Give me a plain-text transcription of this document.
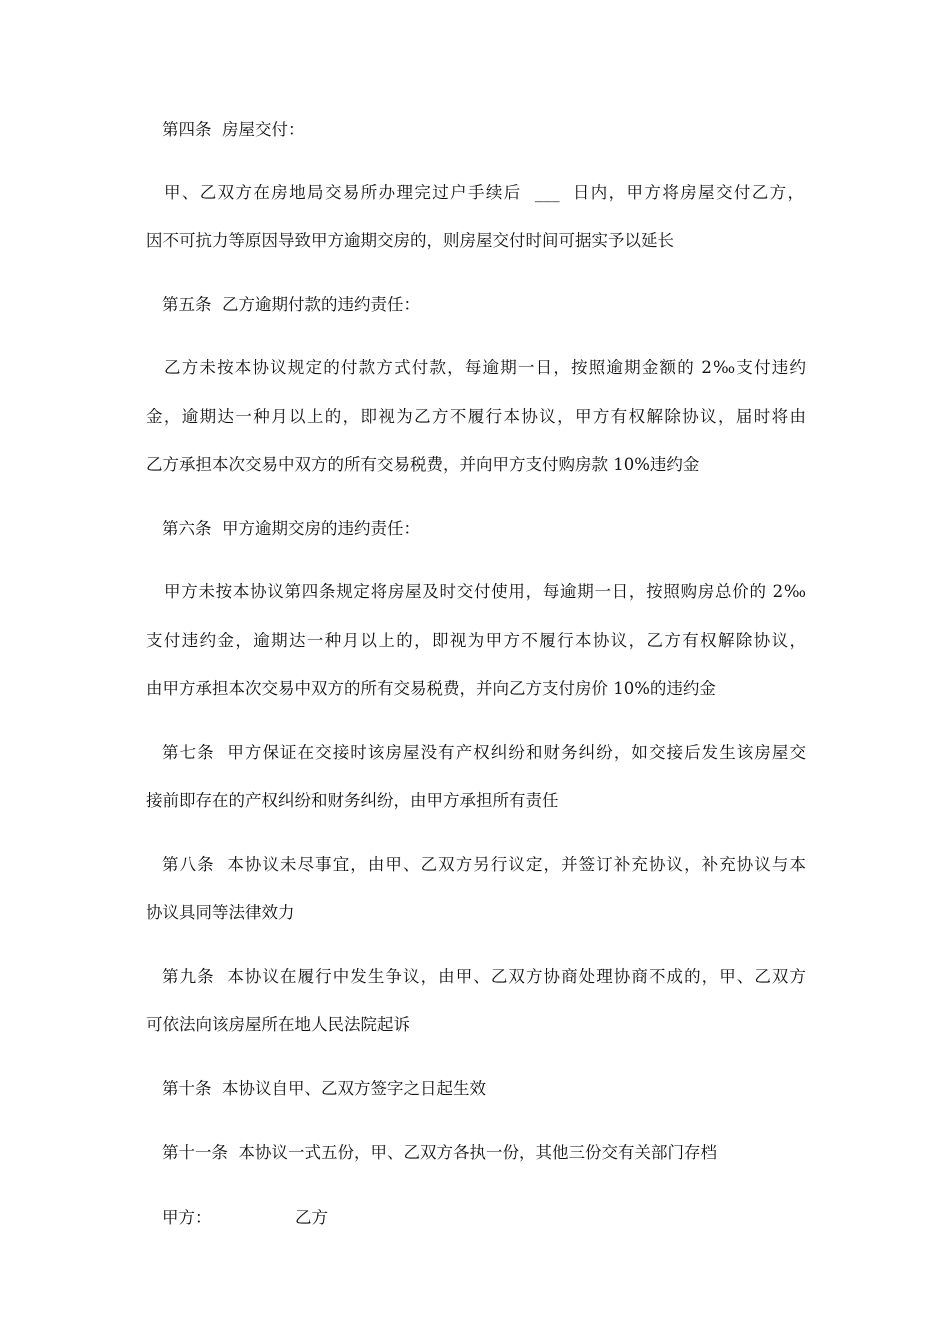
第四条  房屋交付：
甲、乙双方在房地局交易所办理完过户手续后  ___  日内，甲方将房屋交付乙方，
因不可抗力等原因导致甲方逾期交房的，则房屋交付时间可据实予以延长
第五条  乙方逾期付款的违约责任：
乙方未按本协议规定的付款方式付款，每逾期一日，按照逾期金额的 2‰支付违约
金，逾期达一种月以上的，即视为乙方不履行本协议，甲方有权解除协议，届时将由
乙方承担本次交易中双方的所有交易税费，并向甲方支付购房款 10%违约金
第六条  甲方逾期交房的违约责任：
甲方未按本协议第四条规定将房屋及时交付使用，每逾期一日，按照购房总价的 2‰
支付违约金，逾期达一种月以上的，即视为甲方不履行本协议，乙方有权解除协议，
由甲方承担本次交易中双方的所有交易税费，并向乙方支付房价 10%的违约金
第七条  甲方保证在交接时该房屋没有产权纠纷和财务纠纷，如交接后发生该房屋交
接前即存在的产权纠纷和财务纠纷，由甲方承担所有责任
第八条  本协议未尽事宜，由甲、乙双方另行议定，并签订补充协议，补充协议与本
协议具同等法律效力
第九条  本协议在履行中发生争议，由甲、乙双方协商处理协商不成的，甲、乙双方
可依法向该房屋所在地人民法院起诉
第十条  本协议自甲、乙双方签字之日起生效
第十一条  本协议一式五份，甲、乙双方各执一份，其他三份交有关部门存档
甲方：	乙方
